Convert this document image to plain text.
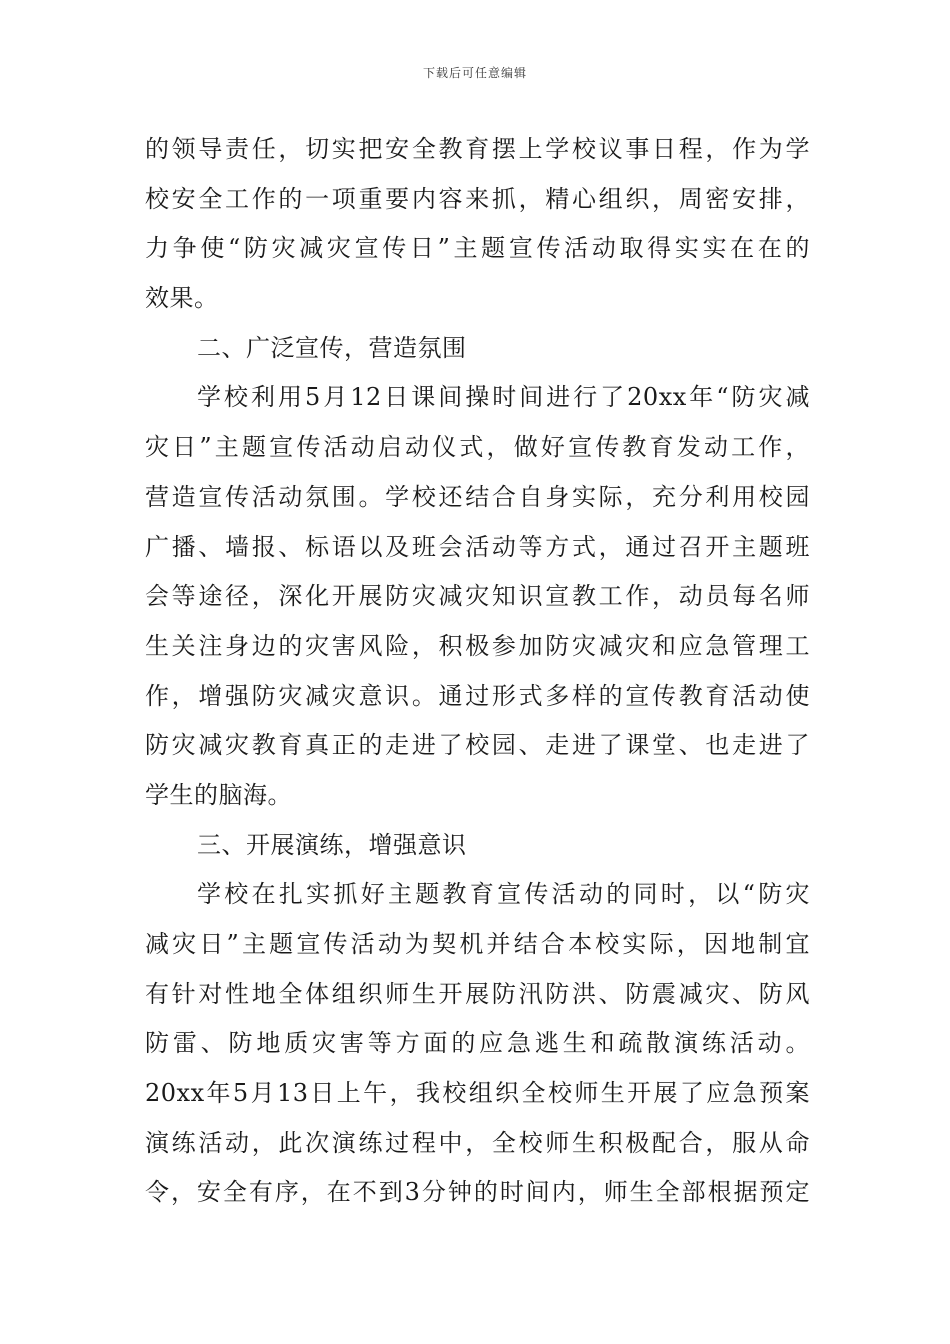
下载后可任意编辑
的领导责任，切实把安全教育摆上学校议事日程，作为学
校安全工作的一项重要内容来抓，精心组织，周密安排，
力争使“防灾减灾宣传日”主题宣传活动取得实实在在的
效果。
二、广泛宣传，营造氛围
学校利用5月12日课间操时间进行了20xx年“防灾减
灾日”主题宣传活动启动仪式，做好宣传教育发动工作，
营造宣传活动氛围。学校还结合自身实际，充分利用校园
广播、墙报、标语以及班会活动等方式，通过召开主题班
会等途径，深化开展防灾减灾知识宣教工作，动员每名师
生关注身边的灾害风险，积极参加防灾减灾和应急管理工
作，增强防灾减灾意识。通过形式多样的宣传教育活动使
防灾减灾教育真正的走进了校园、走进了课堂、也走进了
学生的脑海。
三、开展演练，增强意识
学校在扎实抓好主题教育宣传活动的同时，以“防灾
减灾日”主题宣传活动为契机并结合本校实际，因地制宜
有针对性地全体组织师生开展防汛防洪、防震减灾、防风
防雷、防地质灾害等方面的应急逃生和疏散演练活动。
20xx年5月13日上午，我校组织全校师生开展了应急预案
演练活动，此次演练过程中，全校师生积极配合，服从命
令，安全有序，在不到3分钟的时间内，师生全部根据预定
